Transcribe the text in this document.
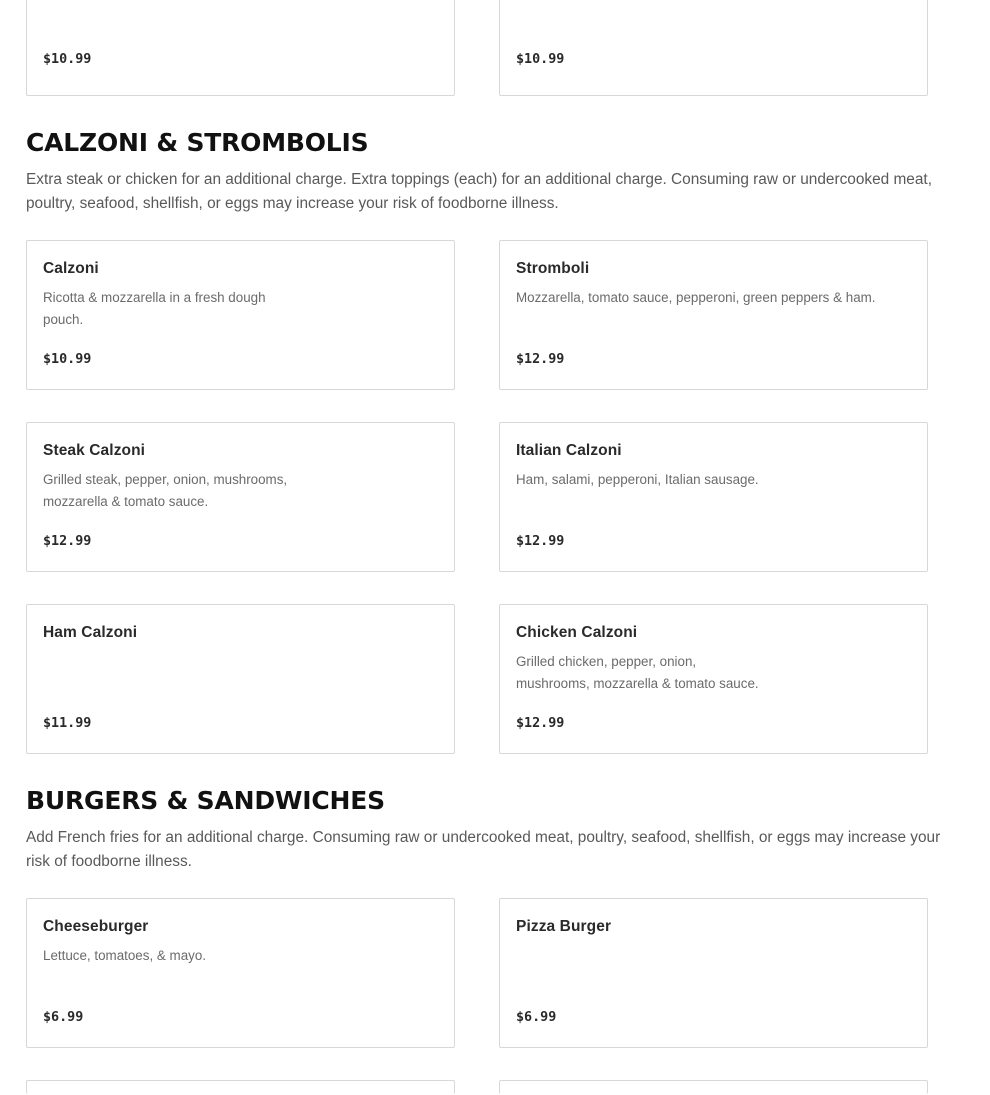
$10.99	$10.99
CALZONI & STROMBOLIS

Extra steak or chicken for an additional charge. Extra toppings (each) for an additional charge. Consuming raw or undercooked meat, poultry, seafood, shellfish, or eggs may increase your risk of foodborne illness.

Calzoni
Ricotta & mozzarella in a fresh dough pouch.
$10.99
Stromboli
Mozzarella, tomato sauce, pepperoni, green peppers & ham.
$12.99
Steak Calzoni
Grilled steak, pepper, onion, mushrooms, mozzarella & tomato sauce.
$12.99
Italian Calzoni
Ham, salami, pepperoni, Italian sausage.
$12.99
Ham Calzoni
$11.99
Chicken Calzoni
Grilled chicken, pepper, onion, mushrooms, mozzarella & tomato sauce.
$12.99
BURGERS & SANDWICHES

Add French fries for an additional charge. Consuming raw or undercooked meat, poultry, seafood, shellfish, or eggs may increase your risk of foodborne illness.

Cheeseburger
Lettuce, tomatoes, & mayo.
$6.99
Pizza Burger
$6.99
